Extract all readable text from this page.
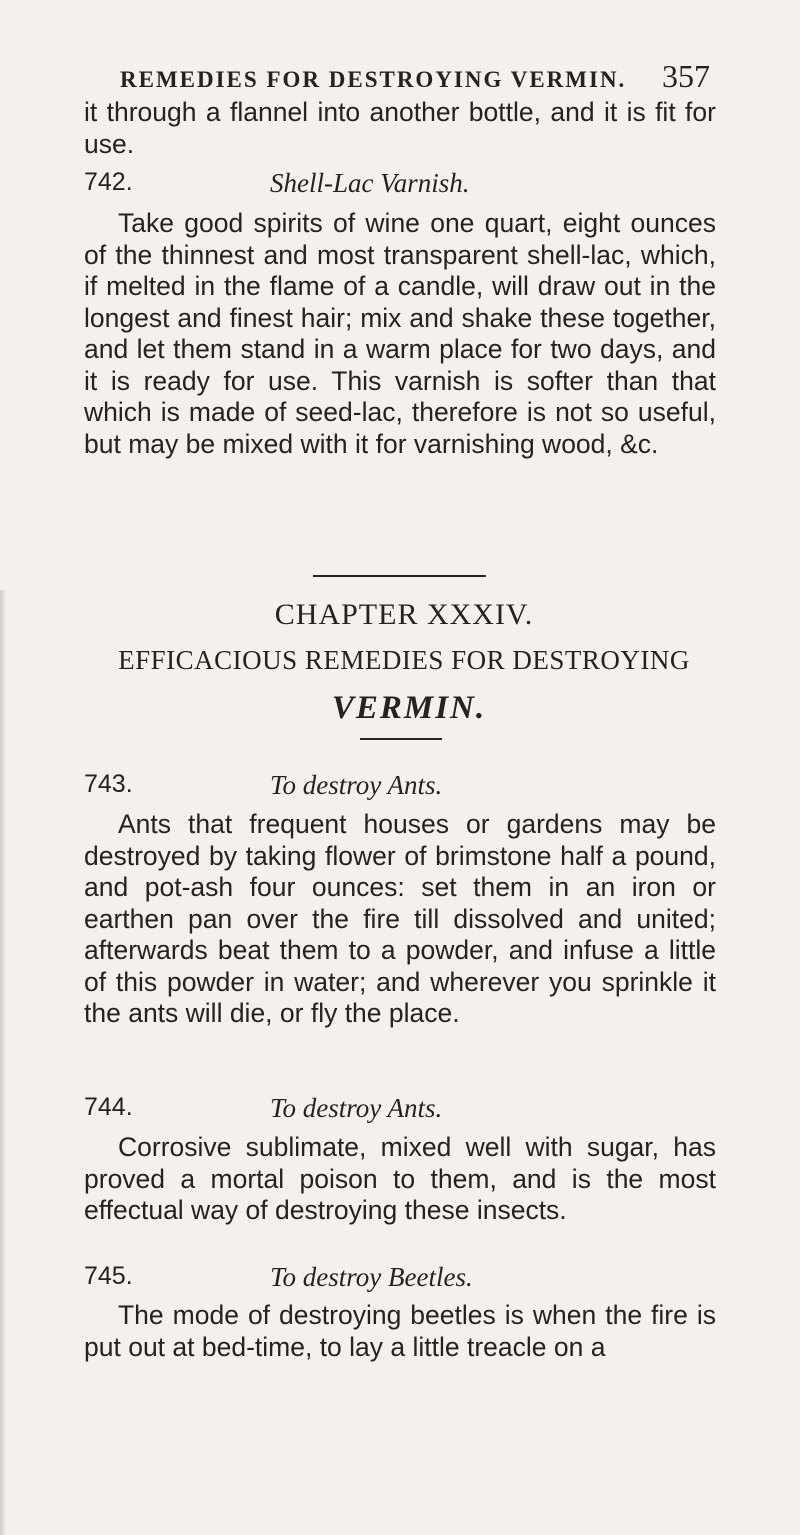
REMEDIES FOR DESTROYING VERMIN. 357
it through a flannel into another bottle, and it is fit for use.
742.	Shell-Lac Varnish.
Take good spirits of wine one quart, eight ounces of the thinnest and most transparent shell-lac, which, if melted in the flame of a candle, will draw out in the longest and finest hair; mix and shake these together, and let them stand in a warm place for two days, and it is ready for use. This varnish is softer than that which is made of seed-lac, therefore is not so useful, but may be mixed with it for varnishing wood, &c.
CHAPTER XXXIV.
EFFICACIOUS REMEDIES FOR DESTROYING
VERMIN.
743.	To destroy Ants.
Ants that frequent houses or gardens may be destroyed by taking flower of brimstone half a pound, and pot-ash four ounces: set them in an iron or earthen pan over the fire till dissolved and united; afterwards beat them to a powder, and infuse a little of this powder in water; and wherever you sprinkle it the ants will die, or fly the place.
744.	To destroy Ants.
Corrosive sublimate, mixed well with sugar, has proved a mortal poison to them, and is the most effectual way of destroying these insects.
745.	To destroy Beetles.
The mode of destroying beetles is when the fire is put out at bed-time, to lay a little treacle on a
